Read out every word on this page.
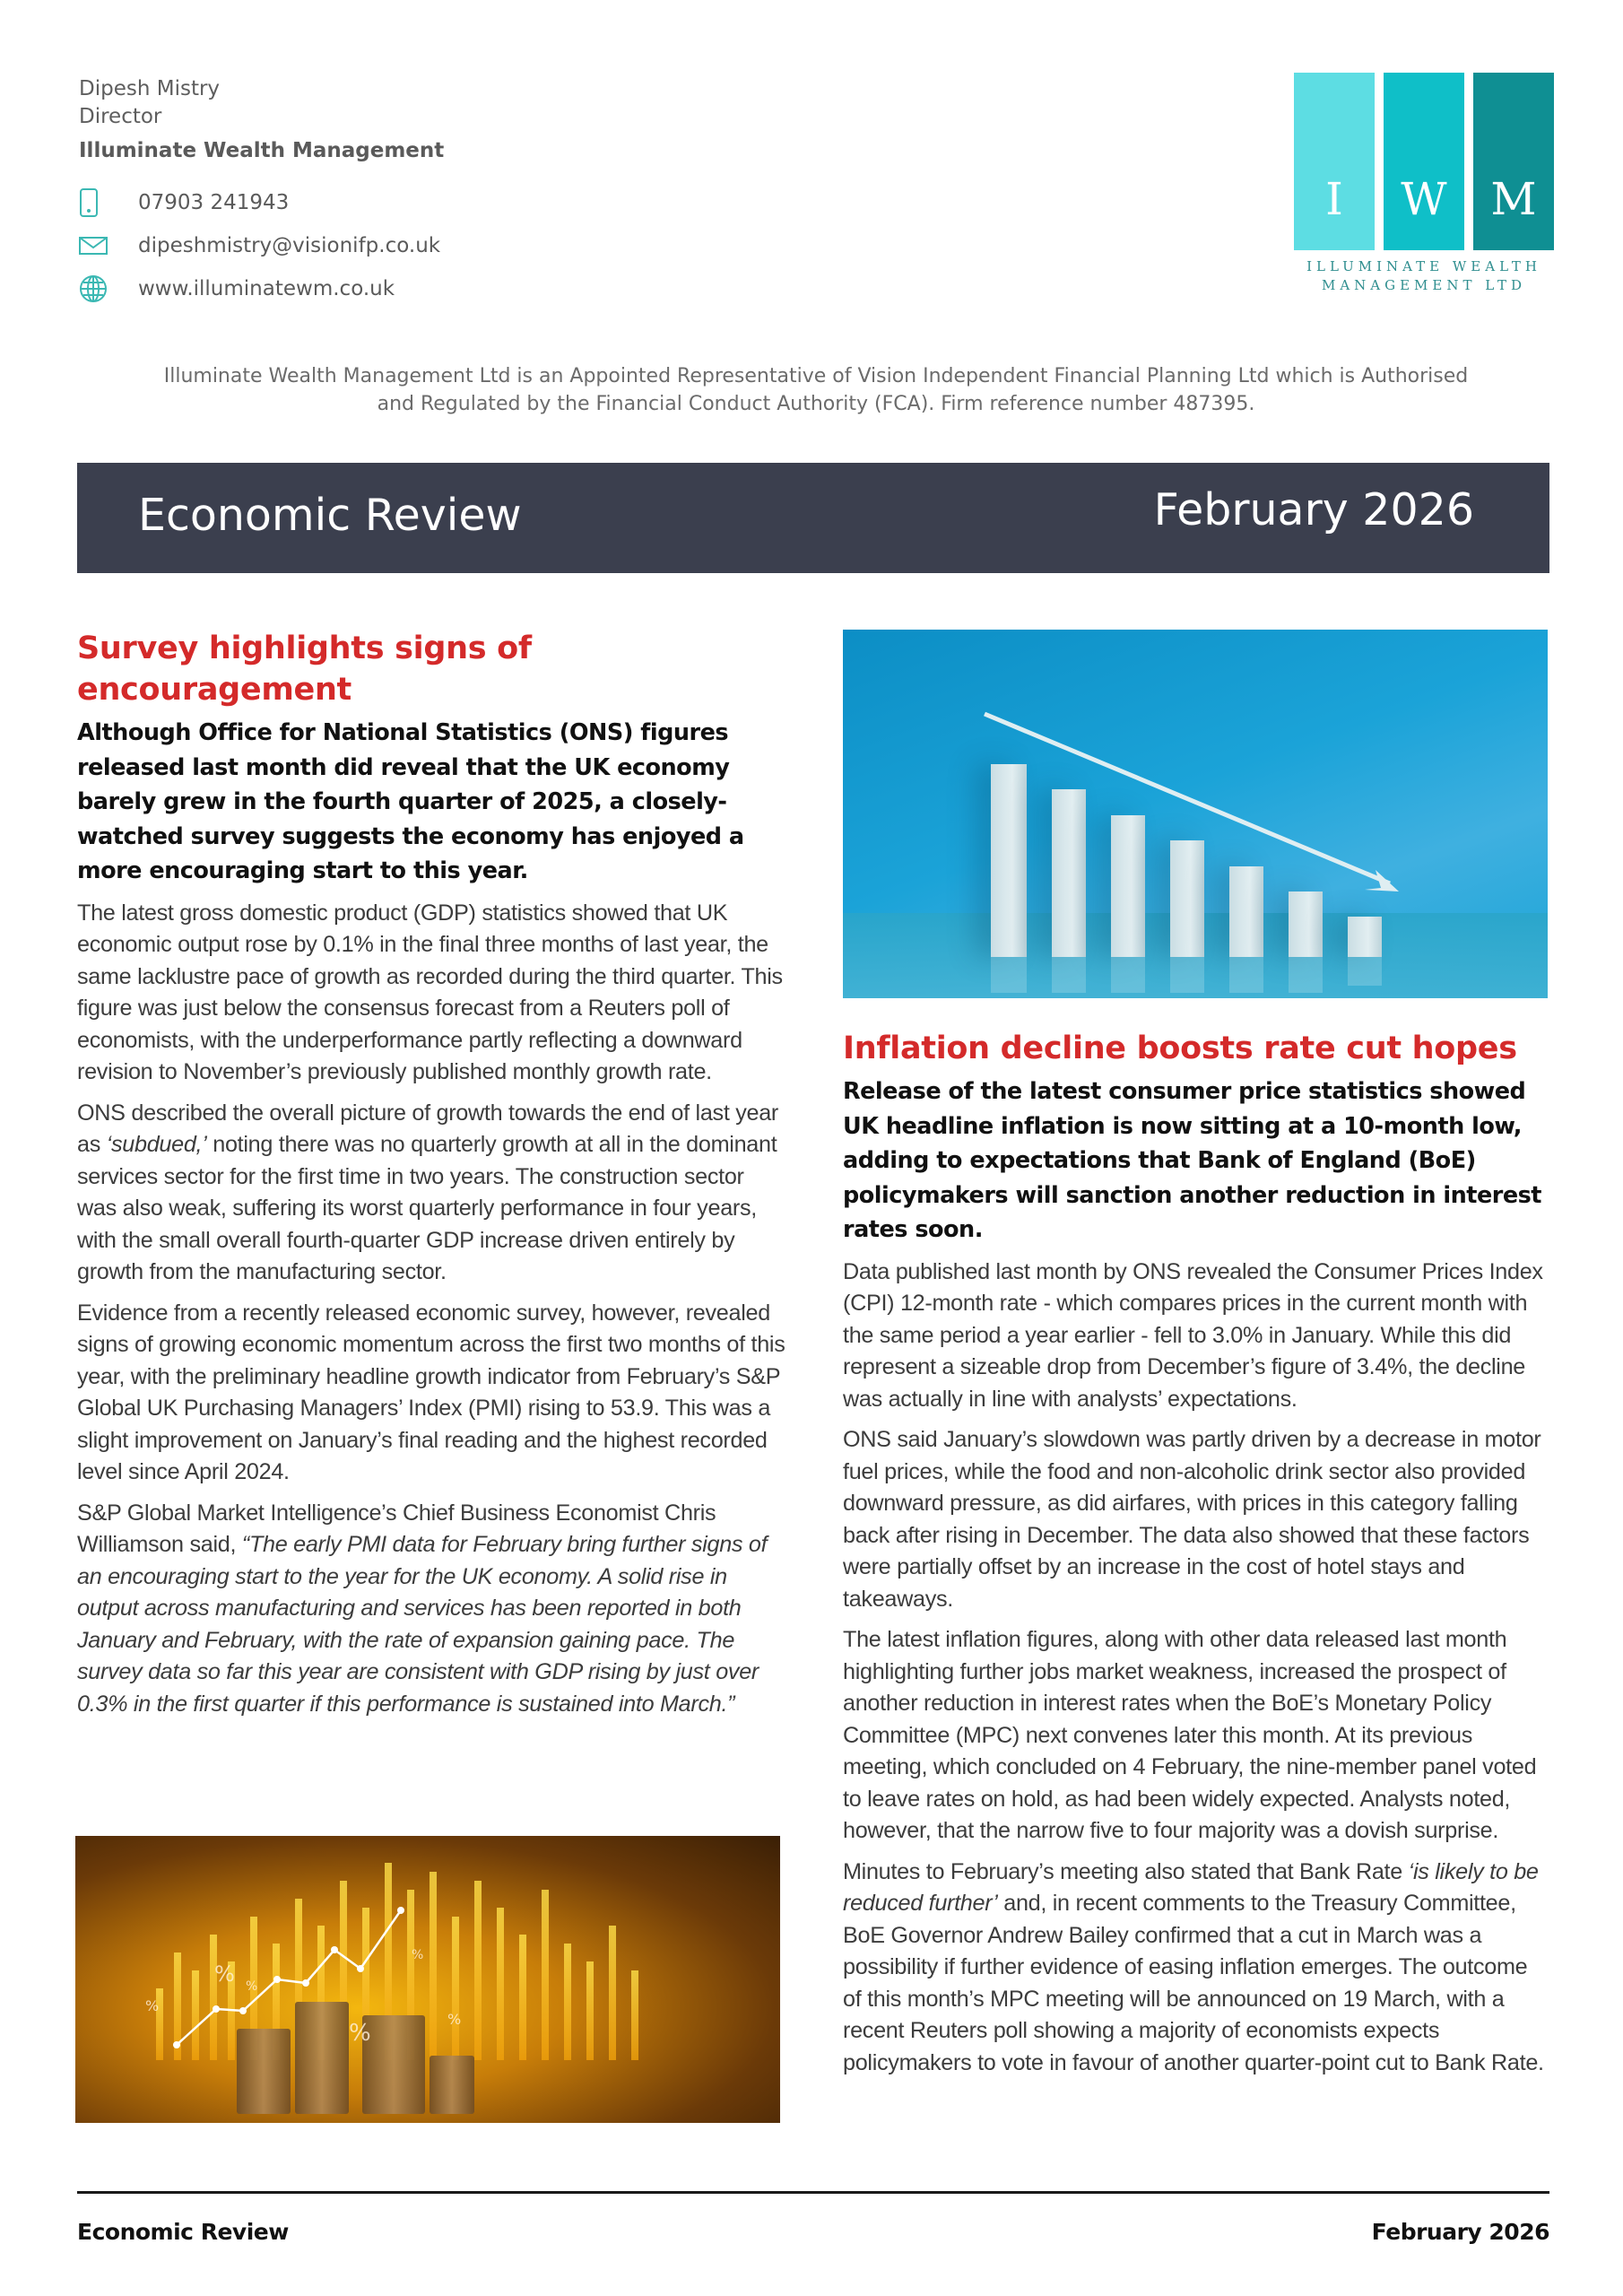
Dipesh Mistry
Director
Illuminate Wealth Management
07903 241943
dipeshmistry@visionifp.co.uk
www.illuminatewm.co.uk
I	W M
ILLUMINATE WEALTH
MANAGEMENT LTD
Illuminate Wealth Management Ltd is an Appointed Representative of Vision Independent Financial Planning Ltd which is Authorised
and Regulated by the Financial Conduct Authority (FCA). Firm reference number 487395.
Economic Review	February 2026
Survey highlights signs of encouragement

Although Office for National Statistics (ONS) figures released last month did reveal that the UK economy barely grew in the fourth quarter of 2025, a closely-watched survey suggests the economy has enjoyed a more encouraging start to this year.

The latest gross domestic product (GDP) statistics showed that UK economic output rose by 0.1% in the final three months of last year, the same lacklustre pace of growth as recorded during the third quarter. This figure was just below the consensus forecast from a Reuters poll of economists, with the underperformance partly reflecting a downward revision to November’s previously published monthly growth rate.

ONS described the overall picture of growth towards the end of last year as ‘subdued,’ noting there was no quarterly growth at all in the dominant services sector for the first time in two years. The construction sector was also weak, suffering its worst quarterly performance in four years, with the small overall fourth-quarter GDP increase driven entirely by growth from the manufacturing sector.

Evidence from a recently released economic survey, however, revealed signs of growing economic momentum across the first two months of this year, with the preliminary headline growth indicator from February’s S&P Global UK Purchasing Managers’ Index (PMI) rising to 53.9. This was a slight improvement on January’s final reading and the highest recorded level since April 2024.

S&P Global Market Intelligence’s Chief Business Economist Chris Williamson said, “The early PMI data for February bring further signs of an encouraging start to the year for the UK economy. A solid rise in output across manufacturing and services has been reported in both January and February, with the rate of expansion gaining pace. The survey data so far this year are consistent with GDP rising by just over 0.3% in the first quarter if this performance is sustained into March.”

Inflation decline boosts rate cut hopes

Release of the latest consumer price statistics showed UK headline inflation is now sitting at a 10-month low, adding to expectations that Bank of England (BoE) policymakers will sanction another reduction in interest rates soon.

Data published last month by ONS revealed the Consumer Prices Index (CPI) 12-month rate - which compares prices in the current month with the same period a year earlier - fell to 3.0% in January. While this did represent a sizeable drop from December’s figure of 3.4%, the decline was actually in line with analysts’ expectations.

ONS said January’s slowdown was partly driven by a decrease in motor fuel prices, while the food and non-alcoholic drink sector also provided downward pressure, as did airfares, with prices in this category falling back after rising in December. The data also showed that these factors were partially offset by an increase in the cost of hotel stays and takeaways.

The latest inflation figures, along with other data released last month highlighting further jobs market weakness, increased the prospect of another reduction in interest rates when the BoE’s Monetary Policy Committee (MPC) next convenes later this month. At its previous meeting, which concluded on 4 February, the nine-member panel voted to leave rates on hold, as had been widely expected. Analysts noted, however, that the narrow five to four majority was a dovish surprise.

Minutes to February’s meeting also stated that Bank Rate ‘is likely to be reduced further’ and, in recent comments to the Treasury Committee, BoE Governor Andrew Bailey confirmed that a cut in March was a possibility if further evidence of easing inflation emerges. The outcome of this month’s MPC meeting will be announced on 19 March, with a recent Reuters poll showing a majority of economists expects policymakers to vote in favour of another quarter-point cut to Bank Rate.

%
% %
%
%
%
Economic Review	February 2026
